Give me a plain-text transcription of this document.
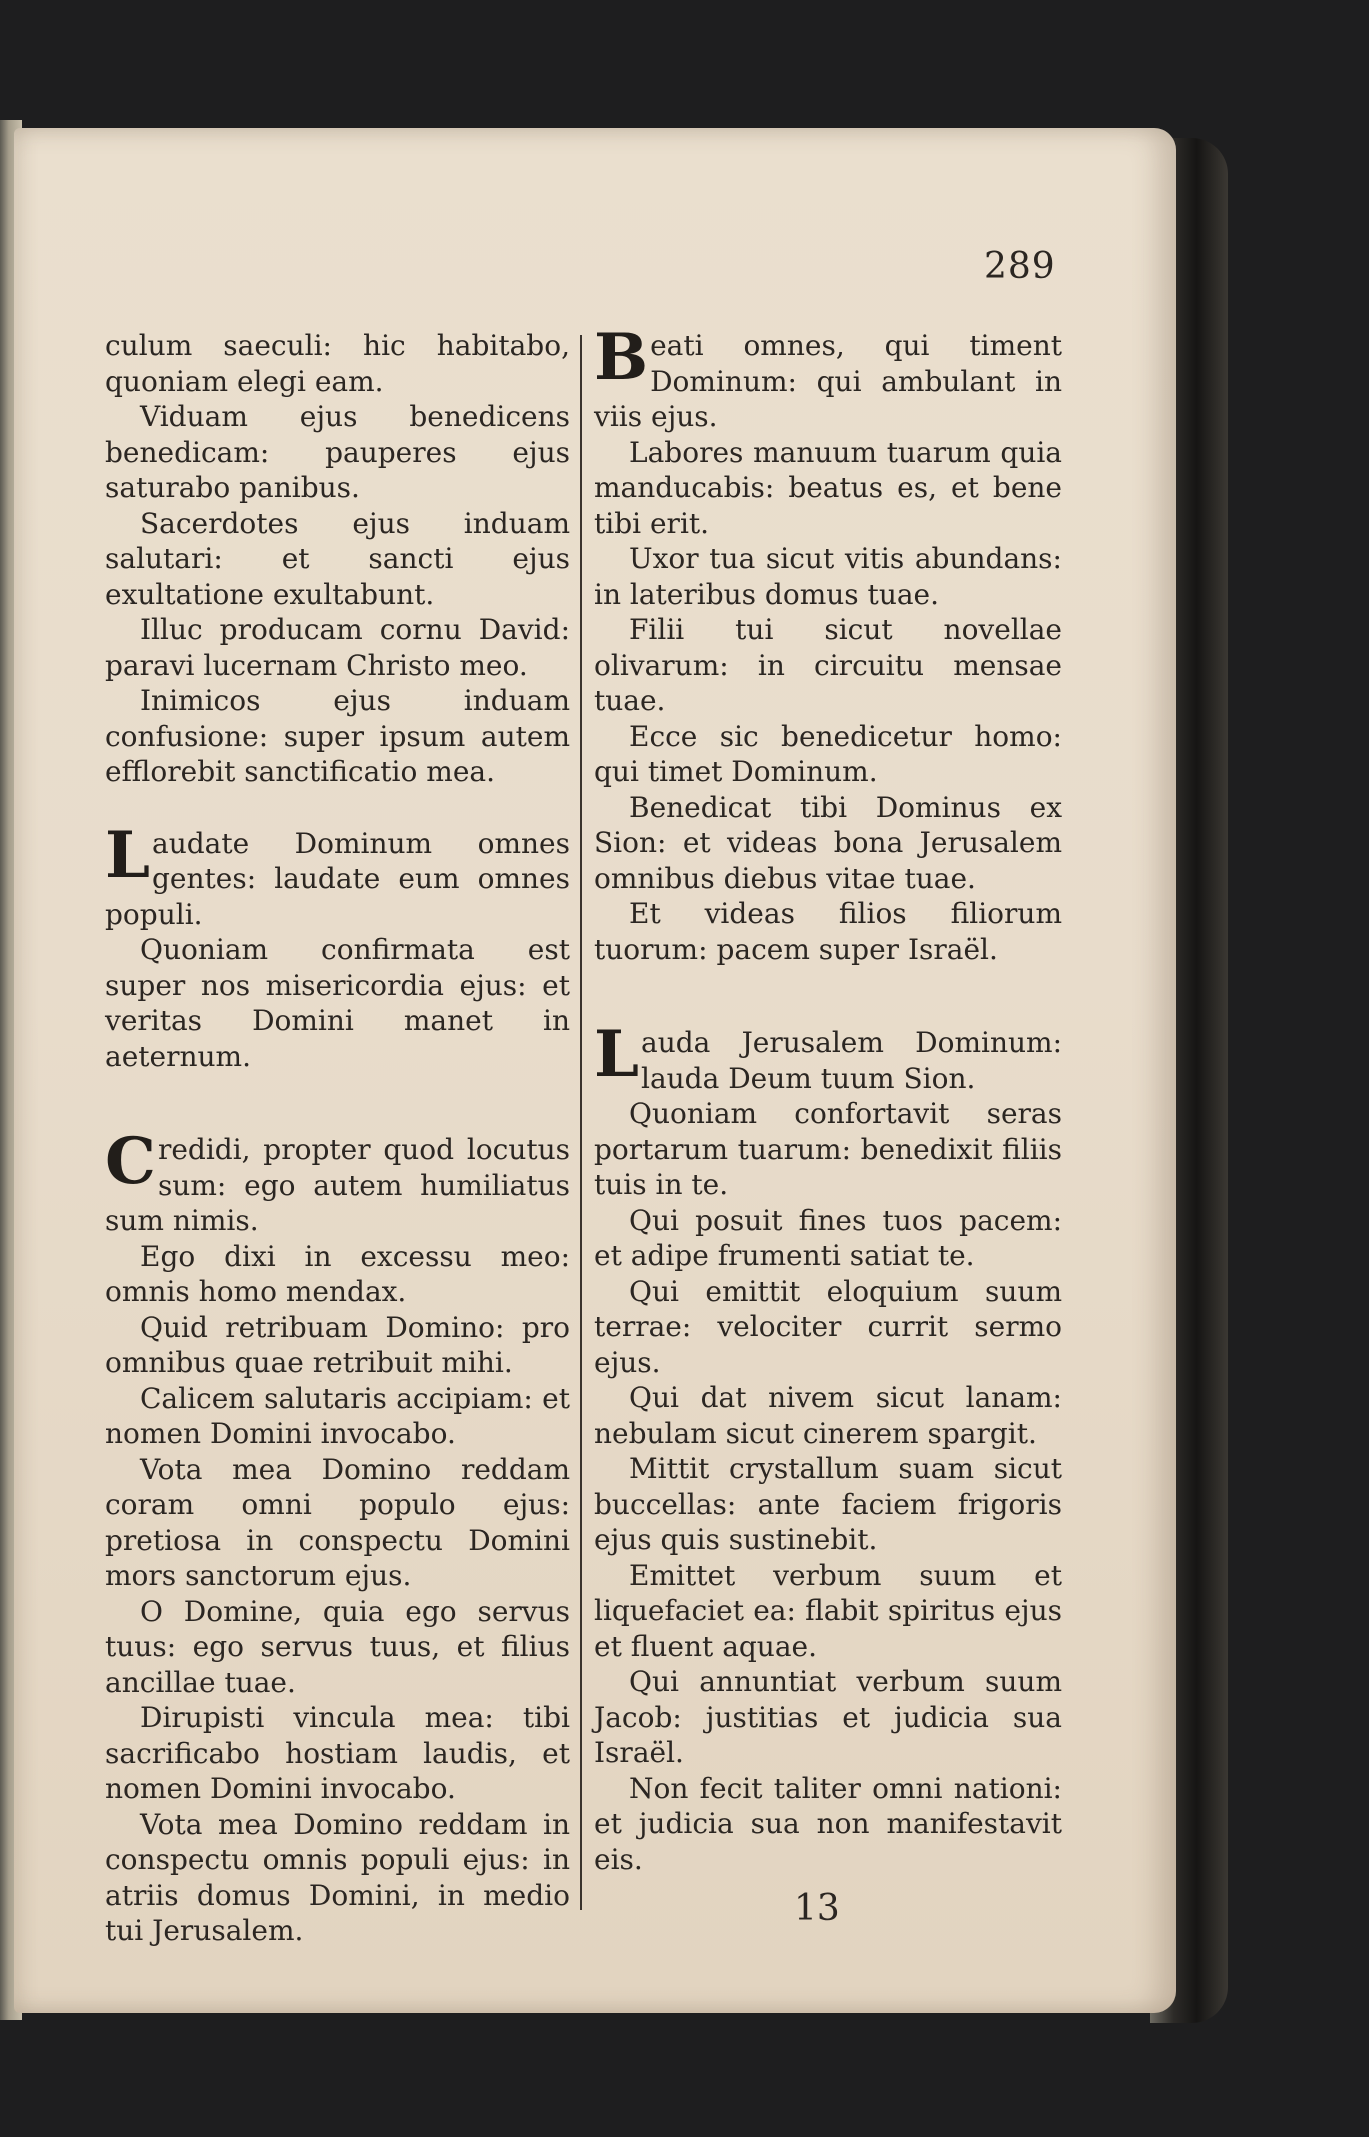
289

culum saeculi: hic habitabo, quoniam elegi eam.

Viduam ejus benedicens benedicam: pauperes ejus saturabo panibus.

Sacerdotes ejus induam salutari: et sancti ejus exultatione exultabunt.

Illuc producam cornu David: paravi lucernam Christo meo.

Inimicos ejus induam confusione: super ipsum autem efflorebit sanctificatio mea.

Laudate Dominum omnes gentes: laudate eum omnes populi.

Quoniam confirmata est super nos misericordia ejus: et veritas Domini manet in aeternum.

Credidi, propter quod locutus sum: ego autem humiliatus sum nimis.

Ego dixi in excessu meo: omnis homo mendax.

Quid retribuam Domino: pro omnibus quae retribuit mihi.

Calicem salutaris accipiam: et nomen Domini invocabo.

Vota mea Domino reddam coram omni populo ejus: pretiosa in conspectu Domini mors sanctorum ejus.

O Domine, quia ego servus tuus: ego servus tuus, et filius ancillae tuae.

Dirupisti vincula mea: tibi sacrificabo hostiam laudis, et nomen Domini invocabo.

Vota mea Domino reddam in conspectu omnis populi ejus: in atriis domus Domini, in medio tui Jerusalem.

Beati omnes, qui timent Dominum: qui ambulant in viis ejus.

Labores manuum tuarum quia manducabis: beatus es, et bene tibi erit.

Uxor tua sicut vitis abundans: in lateribus domus tuae.

Filii tui sicut novellae olivarum: in circuitu mensae tuae.

Ecce sic benedicetur homo: qui timet Dominum.

Benedicat tibi Dominus ex Sion: et videas bona Jerusalem omnibus diebus vitae tuae.

Et videas filios filiorum tuorum: pacem super Israël.

Lauda Jerusalem Dominum: lauda Deum tuum Sion.

Quoniam confortavit seras portarum tuarum: benedixit filiis tuis in te.

Qui posuit fines tuos pacem: et adipe frumenti satiat te.

Qui emittit eloquium suum terrae: velociter currit sermo ejus.

Qui dat nivem sicut lanam: nebulam sicut cinerem spargit.

Mittit crystallum suam sicut buccellas: ante faciem frigoris ejus quis sustinebit.

Emittet verbum suum et liquefaciet ea: flabit spiritus ejus et fluent aquae.

Qui annuntiat verbum suum Jacob: justitias et judicia sua Israël.

Non fecit taliter omni nationi: et judicia sua non manifestavit eis.

13
